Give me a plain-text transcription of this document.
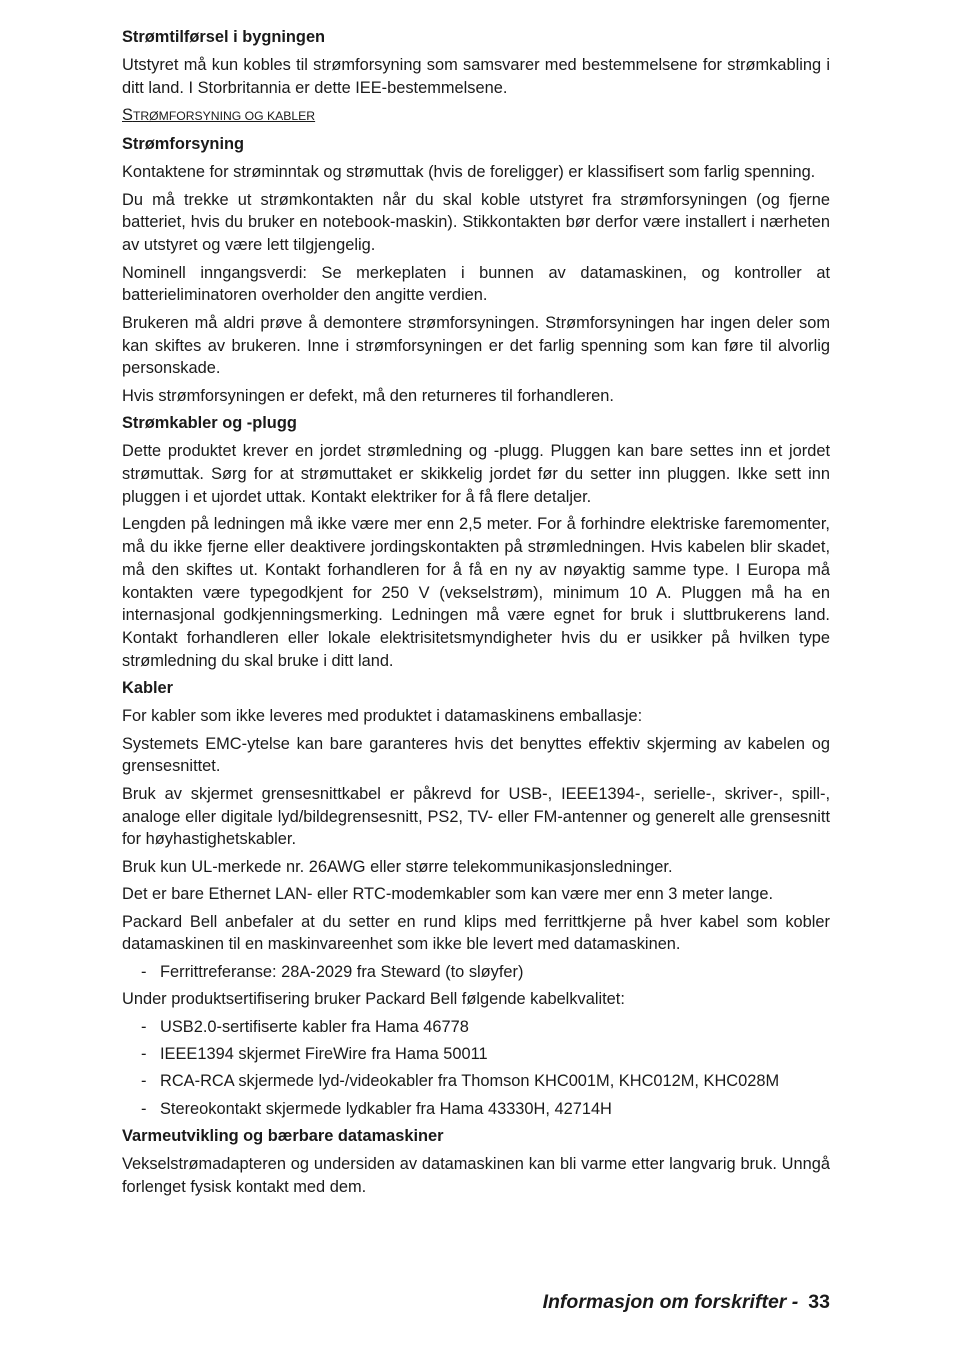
Strømtilførsel i bygningen
Utstyret må kun kobles til strømforsyning som samsvarer med bestemmelsene for strømkabling i ditt land. I Storbritannia er dette IEE-bestemmelsene.
STRØMFORSYNING OG KABLER
Strømforsyning
Kontaktene for strøminntak og strømuttak (hvis de foreligger) er klassifisert som farlig spenning.
Du må trekke ut strømkontakten når du skal koble utstyret fra strømforsyningen (og fjerne batteriet, hvis du bruker en notebook-maskin). Stikkontakten bør derfor være installert i nærheten av utstyret og være lett tilgjengelig.
Nominell inngangsverdi: Se merkeplaten i bunnen av datamaskinen, og kontroller at batterieliminatoren overholder den angitte verdien.
Brukeren må aldri prøve å demontere strømforsyningen. Strømforsyningen har ingen deler som kan skiftes av brukeren. Inne i strømforsyningen er det farlig spenning som kan føre til alvorlig personskade.
Hvis strømforsyningen er defekt, må den returneres til forhandleren.
Strømkabler og -plugg
Dette produktet krever en jordet strømledning og -plugg. Pluggen kan bare settes inn et jordet strømuttak. Sørg for at strømuttaket er skikkelig jordet før du setter inn pluggen. Ikke sett inn pluggen i et ujordet uttak. Kontakt elektriker for å få flere detaljer.
Lengden på ledningen må ikke være mer enn 2,5 meter. For å forhindre elektriske faremomenter, må du ikke fjerne eller deaktivere jordingskontakten på strømledningen. Hvis kabelen blir skadet, må den skiftes ut. Kontakt forhandleren for å få en ny av nøyaktig samme type. I Europa må kontakten være typegodkjent for 250 V (vekselstrøm), minimum 10 A. Pluggen må ha en internasjonal godkjenningsmerking. Ledningen må være egnet for bruk i sluttbrukerens land. Kontakt forhandleren eller lokale elektrisitetsmyndigheter hvis du er usikker på hvilken type strømledning du skal bruke i ditt land.
Kabler
For kabler som ikke leveres med produktet i datamaskinens emballasje:
Systemets EMC-ytelse kan bare garanteres hvis det benyttes effektiv skjerming av kabelen og grensesnittet.
Bruk av skjermet grensesnittkabel er påkrevd for USB-, IEEE1394-, serielle-, skriver-, spill-, analoge eller digitale lyd/bildegrensesnitt, PS2, TV- eller FM-antenner og generelt alle grensesnitt for høyhastighetskabler.
Bruk kun UL-merkede nr. 26AWG eller større telekommunikasjonsledninger.
Det er bare Ethernet LAN- eller RTC-modemkabler som kan være mer enn 3 meter lange.
Packard Bell anbefaler at du setter en rund klips med ferrittkjerne på hver kabel som kobler datamaskinen til en maskinvareenhet som ikke ble levert med datamaskinen.
- Ferrittreferanse: 28A-2029 fra Steward (to sløyfer)
Under produktsertifisering bruker Packard Bell følgende kabelkvalitet:
- USB2.0-sertifiserte kabler fra Hama 46778
- IEEE1394 skjermet FireWire fra Hama 50011
- RCA-RCA skjermede lyd-/videokabler fra Thomson KHC001M, KHC012M, KHC028M
- Stereokontakt skjermede lydkabler fra Hama 43330H, 42714H
Varmeutvikling og bærbare datamaskiner
Vekselstrømadapteren og undersiden av datamaskinen kan bli varme etter langvarig bruk. Unngå forlenget fysisk kontakt med dem.
Informasjon om forskrifter - 33
